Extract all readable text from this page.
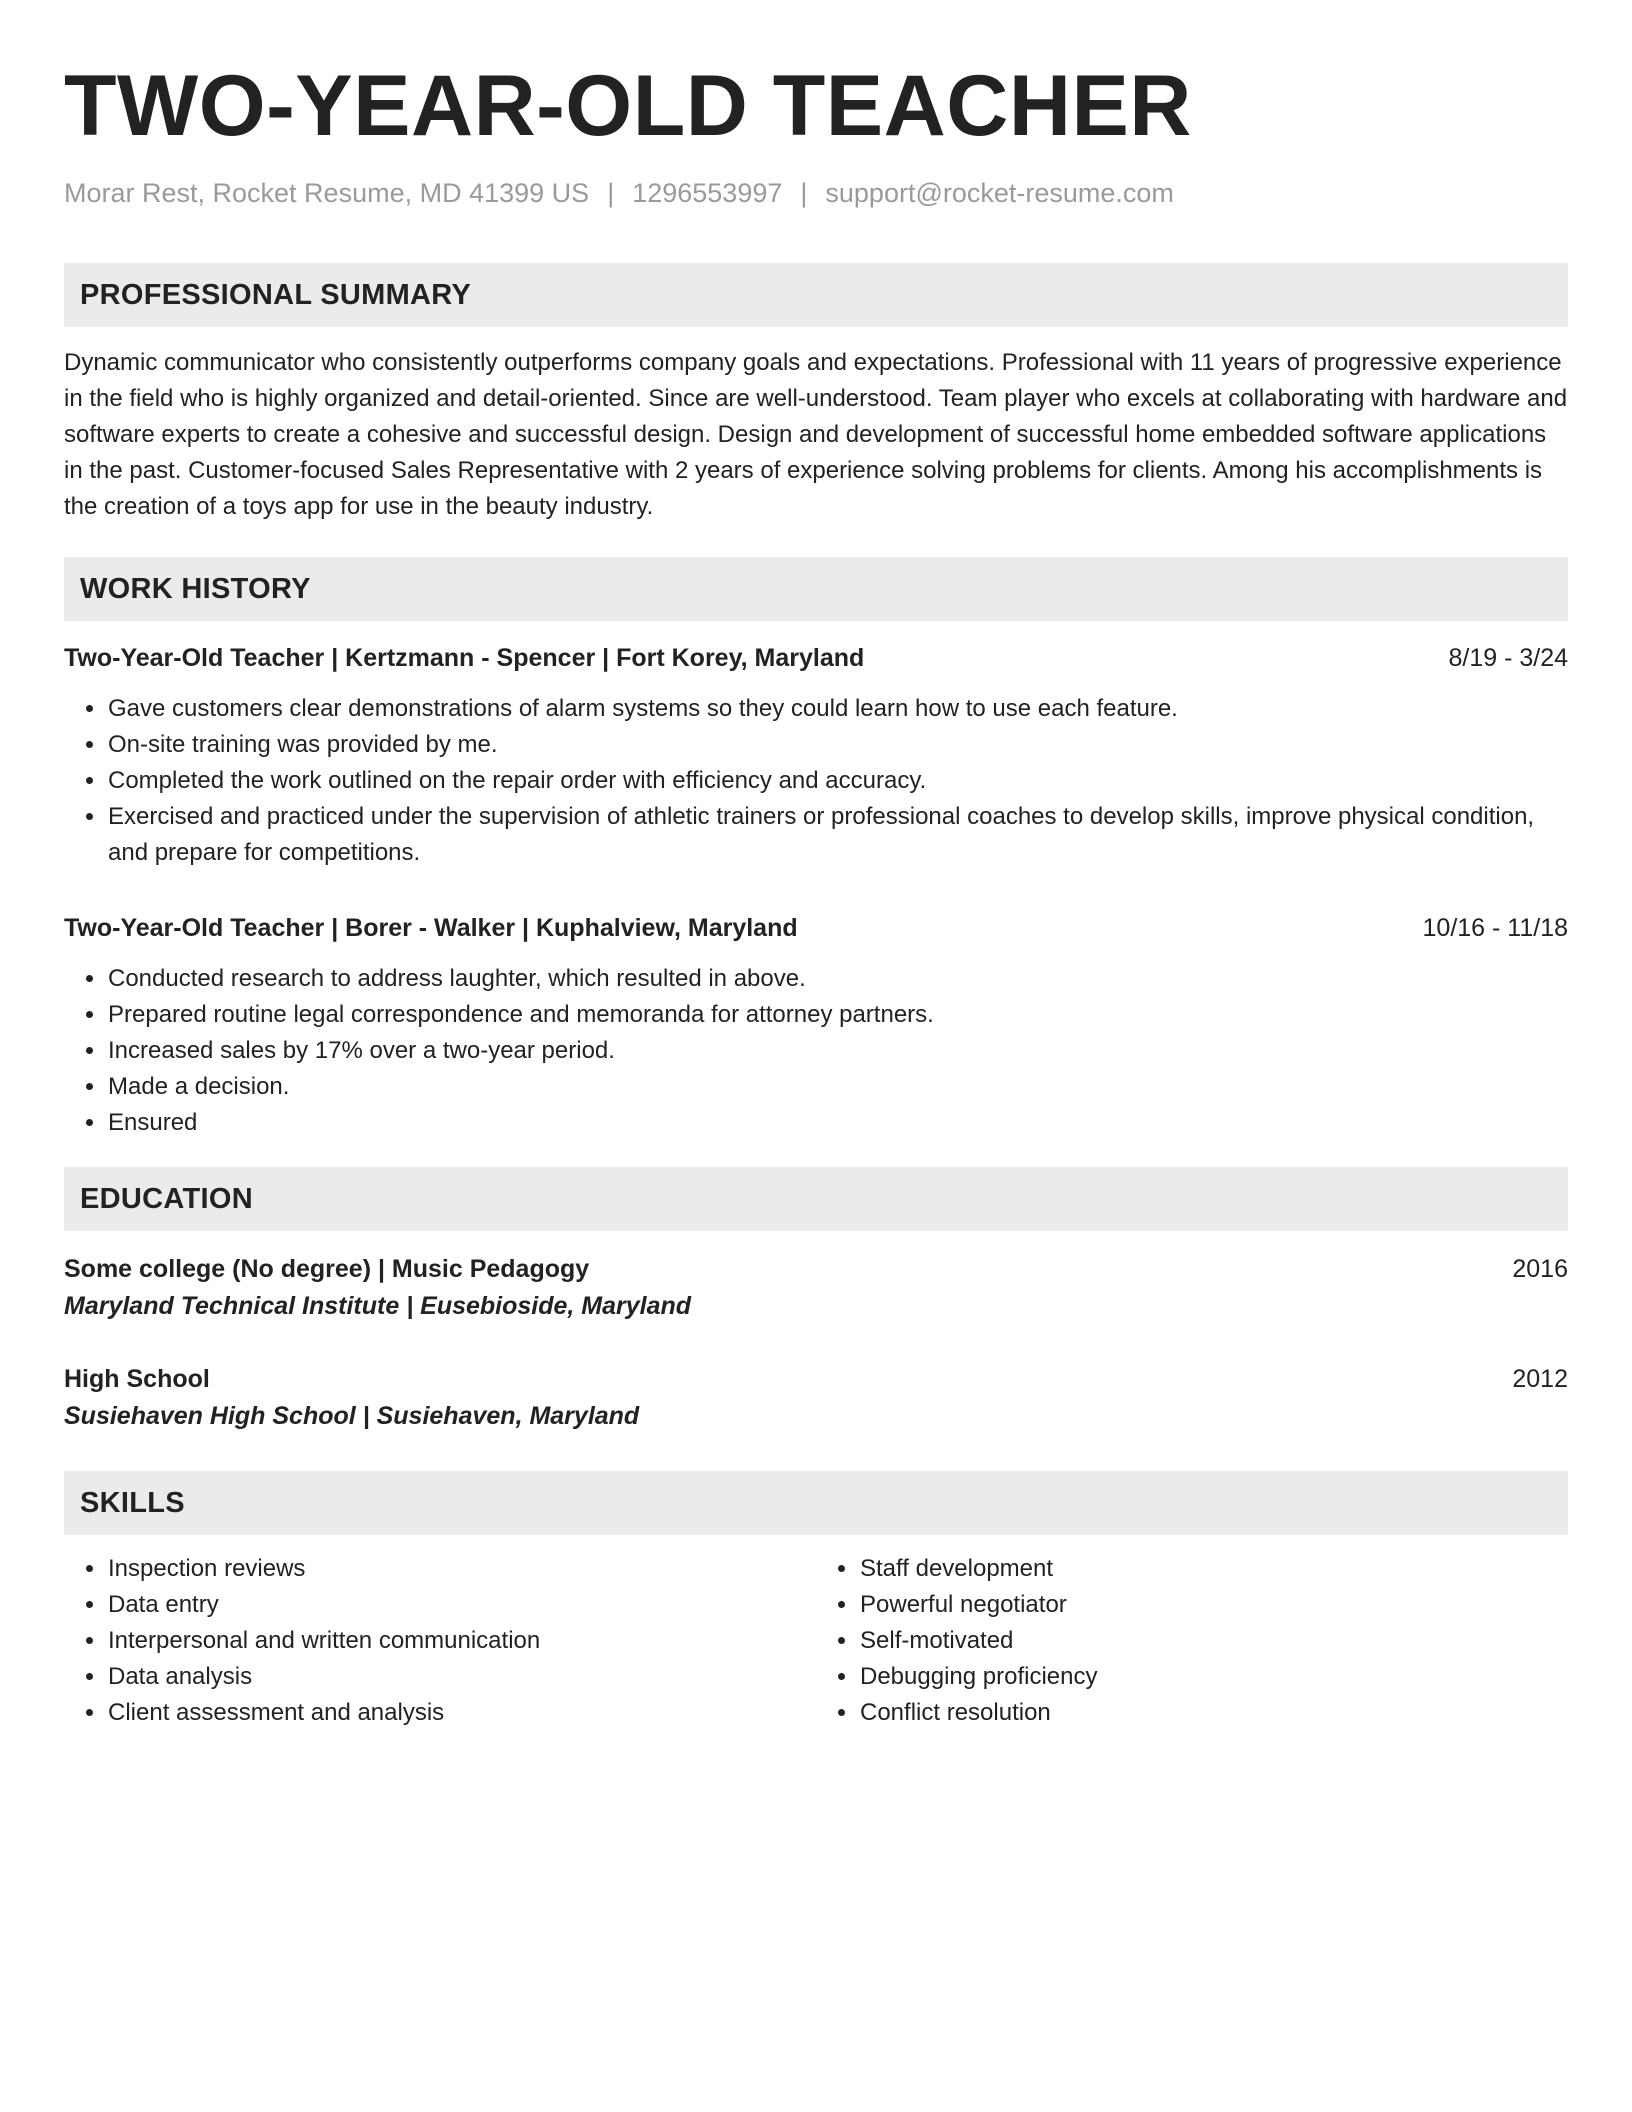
TWO-YEAR-OLD TEACHER
Morar Rest, Rocket Resume, MD 41399 US | 1296553997 | support@rocket-resume.com
PROFESSIONAL SUMMARY

Dynamic communicator who consistently outperforms company goals and expectations. Professional with 11 years of progressive experience in the field who is highly organized and detail-oriented. Since are well-understood. Team player who excels at collaborating with hardware and software experts to create a cohesive and successful design. Design and development of successful home embedded software applications in the past. Customer-focused Sales Representative with 2 years of experience solving problems for clients. Among his accomplishments is the creation of a toys app for use in the beauty industry.

WORK HISTORY
Two-Year-Old Teacher | Kertzmann - Spencer | Fort Korey, Maryland	8/19 - 3/24
• Gave customers clear demonstrations of alarm systems so they could learn how to use each feature.
• On-site training was provided by me.
• Completed the work outlined on the repair order with efficiency and accuracy.
• Exercised and practiced under the supervision of athletic trainers or professional coaches to develop skills, improve physical condition, and prepare for competitions.
Two-Year-Old Teacher | Borer - Walker | Kuphalview, Maryland	10/16 - 11/18
• Conducted research to address laughter, which resulted in above.
• Prepared routine legal correspondence and memoranda for attorney partners.
• Increased sales by 17% over a two-year period.
• Made a decision.
• Ensured
EDUCATION
Some college (No degree) | Music Pedagogy	2016
Maryland Technical Institute | Eusebioside, Maryland
High School	2012
Susiehaven High School | Susiehaven, Maryland
SKILLS
• Inspection reviews
• Data entry
• Interpersonal and written communication
• Data analysis
• Client assessment and analysis
• Staff development
• Powerful negotiator
• Self-motivated
• Debugging proficiency
• Conflict resolution
